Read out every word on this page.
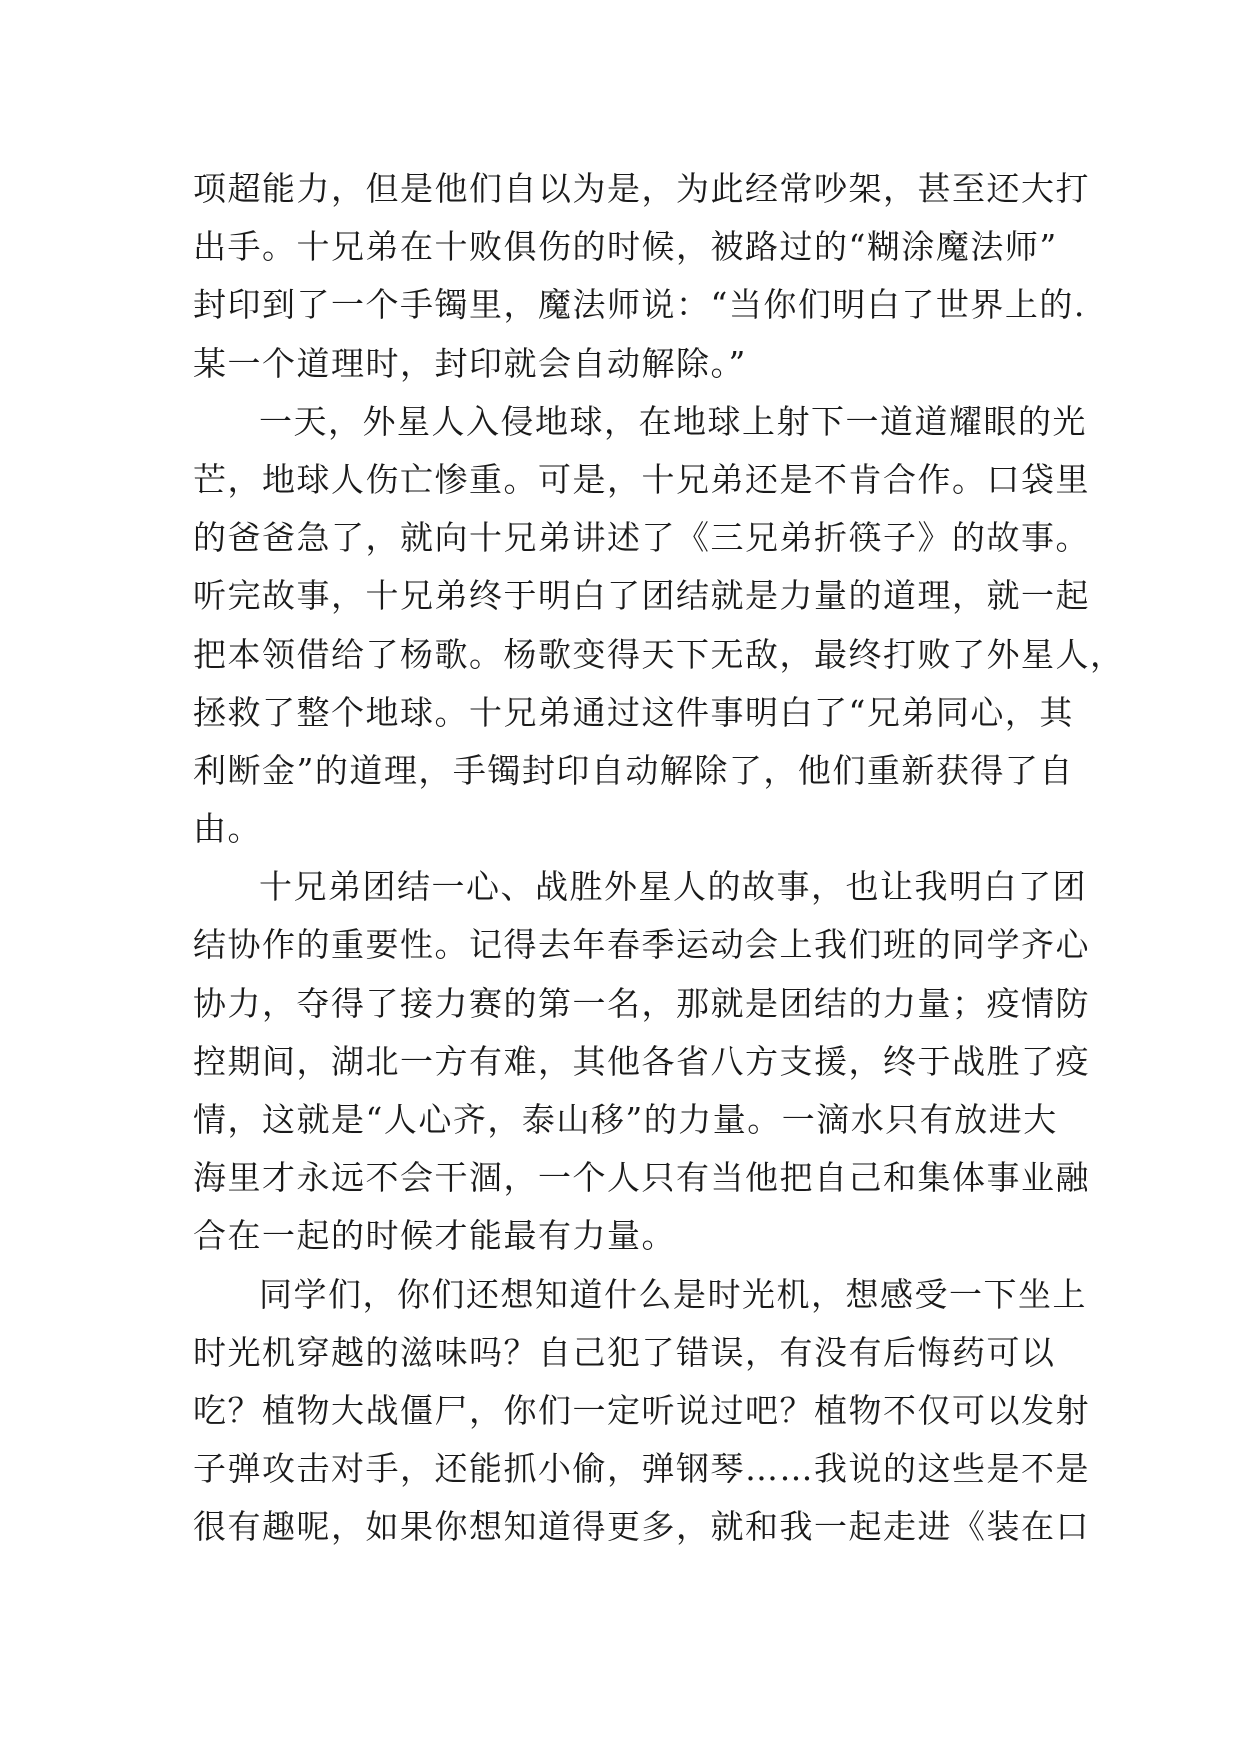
项超能力，但是他们自以为是，为此经常吵架，甚至还大打
出手。十兄弟在十败俱伤的时候，被路过的“糊涂魔法师”
封印到了一个手镯里，魔法师说：“当你们明白了世界上的.
某一个道理时，封印就会自动解除。”
一天，外星人入侵地球，在地球上射下一道道耀眼的光
芒，地球人伤亡惨重。可是，十兄弟还是不肯合作。口袋里
的爸爸急了，就向十兄弟讲述了《三兄弟折筷子》的故事。
听完故事，十兄弟终于明白了团结就是力量的道理，就一起
把本领借给了杨歌。杨歌变得天下无敌，最终打败了外星人，
拯救了整个地球。十兄弟通过这件事明白了“兄弟同心，其
利断金”的道理，手镯封印自动解除了，他们重新获得了自
由。
十兄弟团结一心、战胜外星人的故事，也让我明白了团
结协作的重要性。记得去年春季运动会上我们班的同学齐心
协力，夺得了接力赛的第一名，那就是团结的力量；疫情防
控期间，湖北一方有难，其他各省八方支援，终于战胜了疫
情，这就是“人心齐，泰山移”的力量。一滴水只有放进大
海里才永远不会干涸，一个人只有当他把自己和集体事业融
合在一起的时候才能最有力量。
同学们，你们还想知道什么是时光机，想感受一下坐上
时光机穿越的滋味吗？自己犯了错误，有没有后悔药可以
吃？植物大战僵尸，你们一定听说过吧？植物不仅可以发射
子弹攻击对手，还能抓小偷，弹钢琴……我说的这些是不是
很有趣呢，如果你想知道得更多，就和我一起走进《装在口
